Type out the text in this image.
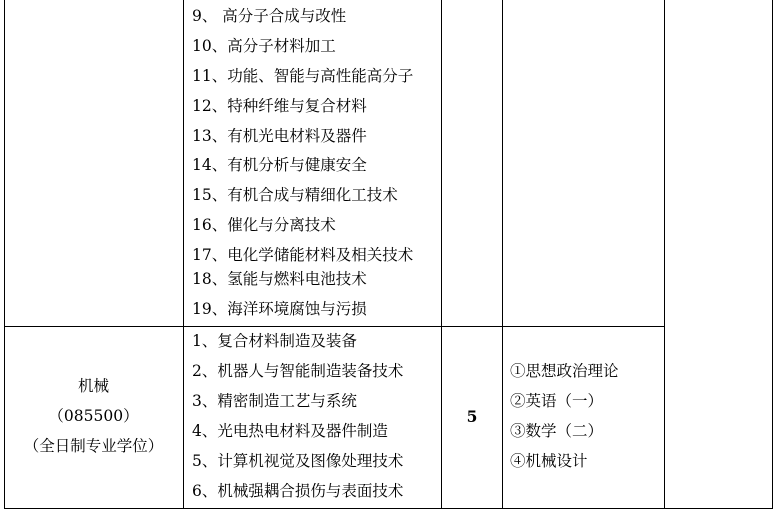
9、 高分子合成与改性
10、高分子材料加工
11、功能、智能与高性能高分子
12、特种纤维与复合材料
13、有机光电材料及器件
14、有机分析与健康安全
15、有机合成与精细化工技术
16、催化与分离技术
17、电化学储能材料及相关技术
18、氢能与燃料电池技术
19、海洋环境腐蚀与污损
机械
（085500）
（全日制专业学位）
1、复合材料制造及装备
2、机器人与智能制造装备技术
3、精密制造工艺与系统
4、光电热电材料及器件制造
5、计算机视觉及图像处理技术
6、机械强耦合损伤与表面技术
5
①思想政治理论
②英语（一）
③数学（二）
④机械设计
